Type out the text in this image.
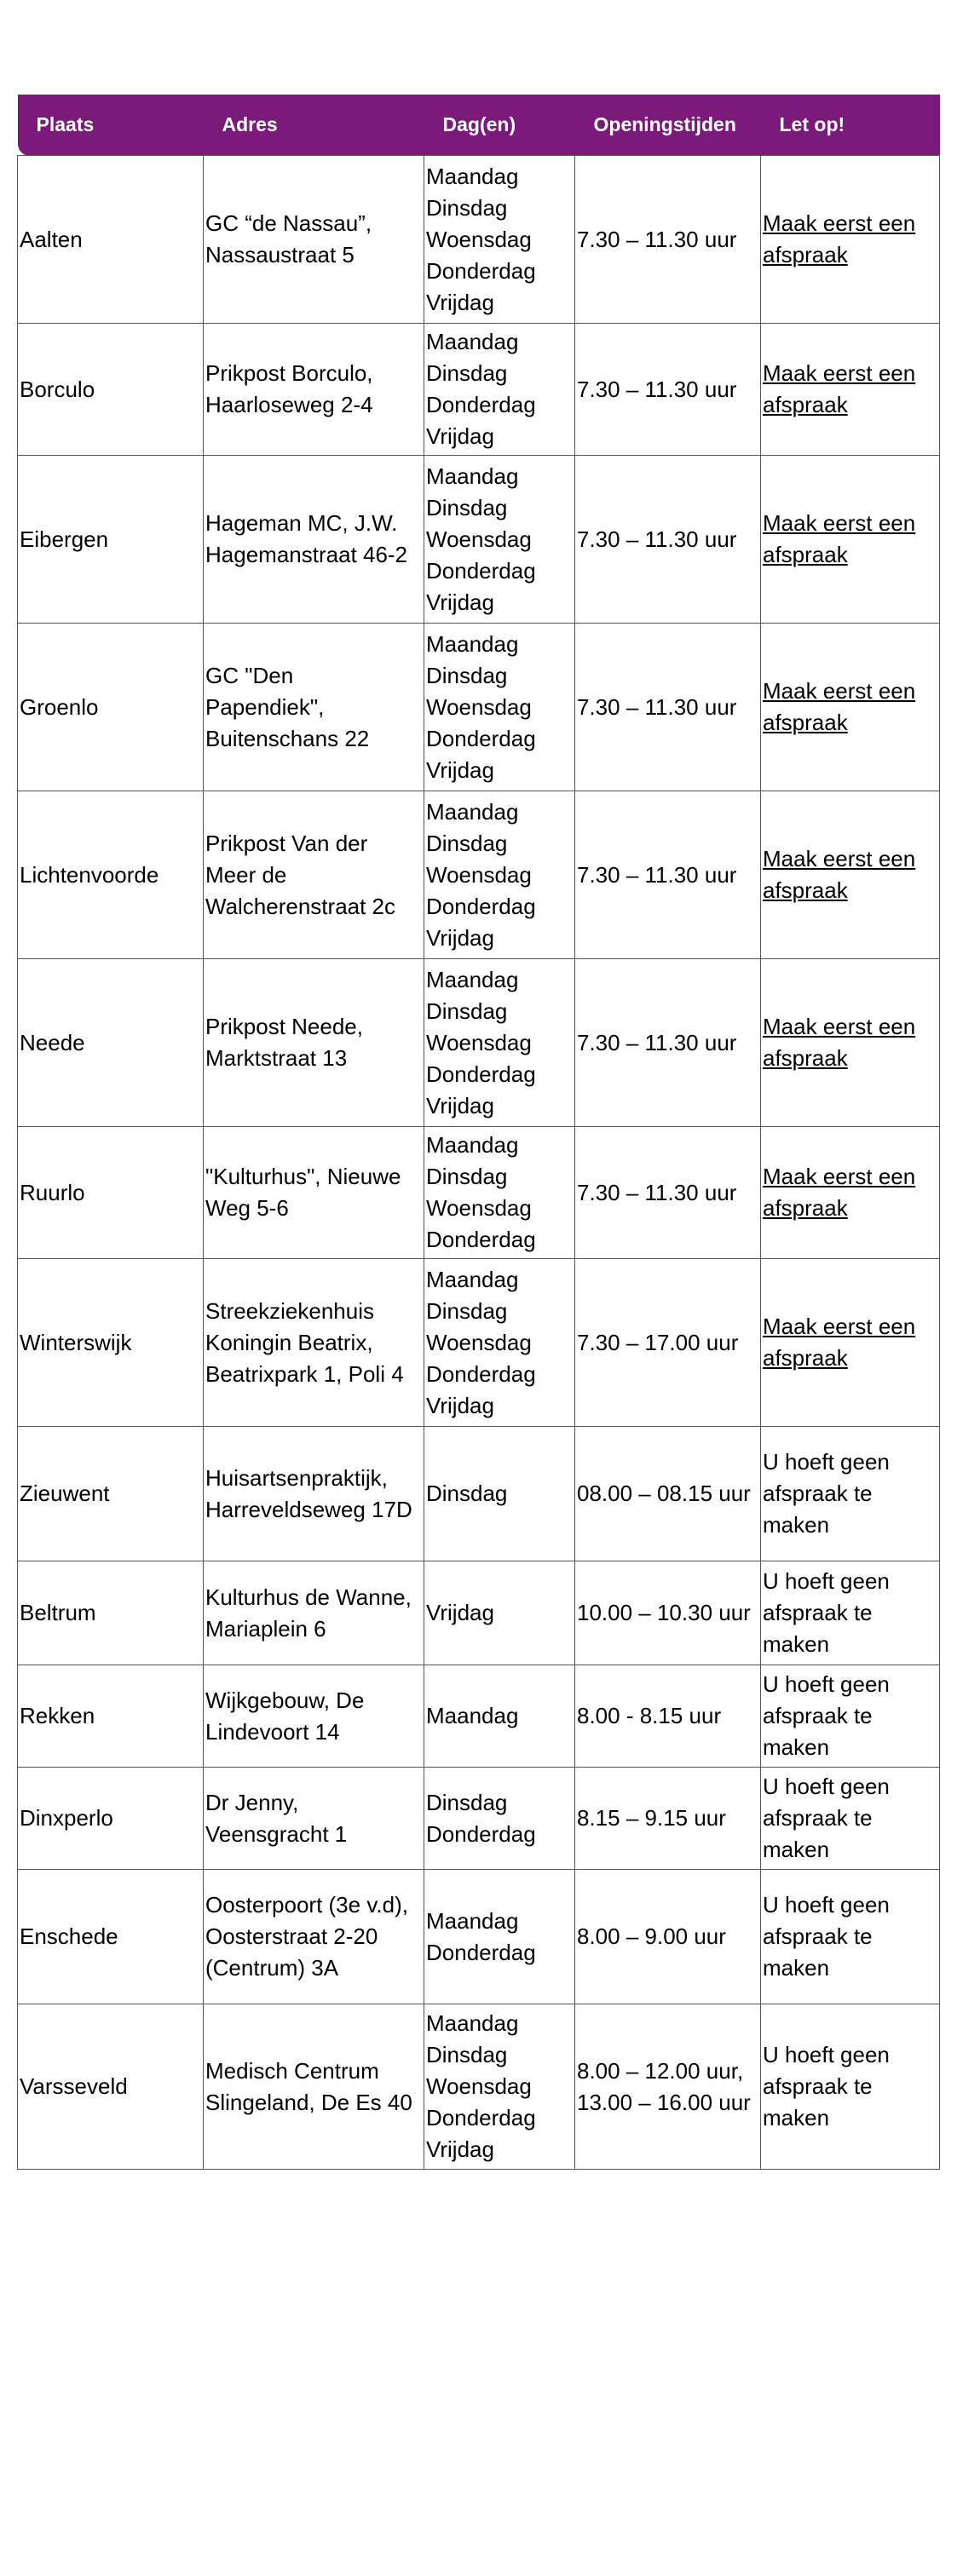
Plaats	Adres	Dag(en)	Openingstijden	Let op!
Aalten	GC “de Nassau”,
Nassaustraat 5	Maandag
Dinsdag
Woensdag
Donderdag
Vrijdag	7.30 – 11.30 uur	Maak eerst een afspraak
Borculo	Prikpost Borculo,
Haarloseweg 2-4	Maandag
Dinsdag
Donderdag
Vrijdag	7.30 – 11.30 uur	Maak eerst een afspraak
Eibergen	Hageman MC, J.W.
Hagemanstraat 46-2	Maandag
Dinsdag
Woensdag
Donderdag
Vrijdag	7.30 – 11.30 uur	Maak eerst een afspraak
Groenlo	GC "Den
Papendiek",
Buitenschans 22	Maandag
Dinsdag
Woensdag
Donderdag
Vrijdag	7.30 – 11.30 uur	Maak eerst een afspraak
Lichtenvoorde	Prikpost Van der
Meer de
Walcherenstraat 2c	Maandag
Dinsdag
Woensdag
Donderdag
Vrijdag	7.30 – 11.30 uur	Maak eerst een afspraak
Neede	Prikpost Neede,
Marktstraat 13	Maandag
Dinsdag
Woensdag
Donderdag
Vrijdag	7.30 – 11.30 uur	Maak eerst een afspraak
Ruurlo	"Kulturhus", Nieuwe
Weg 5-6	Maandag
Dinsdag
Woensdag
Donderdag	7.30 – 11.30 uur	Maak eerst een afspraak
Winterswijk	Streekziekenhuis
Koningin Beatrix,
Beatrixpark 1, Poli 4	Maandag
Dinsdag
Woensdag
Donderdag
Vrijdag	7.30 – 17.00 uur	Maak eerst een afspraak
Zieuwent	Huisartsenpraktijk,
Harreveldseweg 17D	Dinsdag	08.00 – 08.15 uur	U hoeft geen afspraak te maken
Beltrum	Kulturhus de Wanne,
Mariaplein 6	Vrijdag	10.00 – 10.30 uur	U hoeft geen afspraak te maken
Rekken	Wijkgebouw, De
Lindevoort 14	Maandag	8.00 - 8.15 uur	U hoeft geen afspraak te maken
Dinxperlo	Dr Jenny,
Veensgracht 1	Dinsdag
Donderdag	8.15 – 9.15 uur	U hoeft geen afspraak te maken
Enschede	Oosterpoort (3e v.d),
Oosterstraat 2-20
(Centrum) 3A	Maandag
Donderdag	8.00 – 9.00 uur	U hoeft geen afspraak te maken
Varsseveld	Medisch Centrum
Slingeland, De Es 40	Maandag
Dinsdag
Woensdag
Donderdag
Vrijdag	8.00 – 12.00 uur,
13.00 – 16.00 uur	U hoeft geen afspraak te maken
